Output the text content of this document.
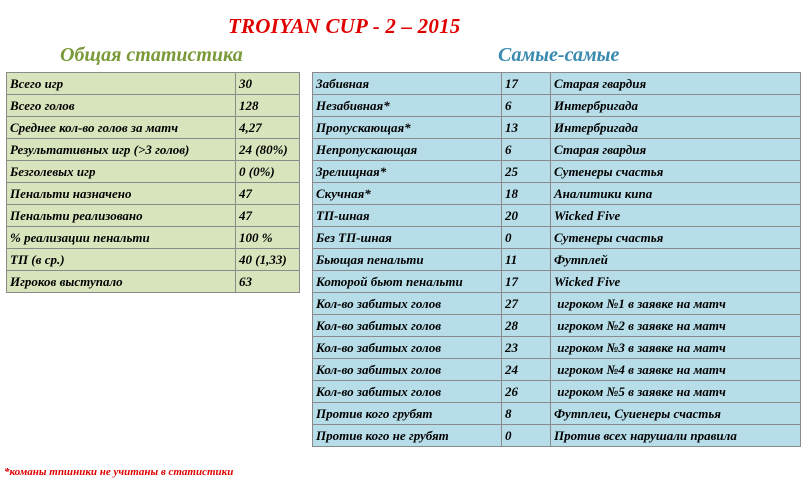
TROIYAN CUP - 2 – 2015
Общая статистика	Самые-самые
Всего игр	30
Всего голов	128
Среднее кол-во голов за матч	4,27
Результативных игр (>3 голов)	24 (80%)
Безголевых игр	0 (0%)
Пенальти назначено	47
Пенальти реализовано	47
% реализации пенальти	100 %
ТП (в ср.)	40 (1,33)
Игроков выступало	63
Забивная	17	Старая гвардия
Незабивная*	6	Интербригада
Пропускающая*	13	Интербригада
Непропускающая	6	Старая гвардия
Зрелищная*	25	Сутенеры счастья
Скучная*	18	Аналитики кипа
ТП-шная	20	Wicked Five
Без ТП-шная	0	Сутенеры счастья
Бьющая пенальти	11	Футплей
Которой бьют пенальти	17	Wicked Five
Кол-во забитых голов	27	игроком №1 в заявке на матч
Кол-во забитых голов	28	игроком №2 в заявке на матч
Кол-во забитых голов	23	игроком №3 в заявке на матч
Кол-во забитых голов	24	игроком №4 в заявке на матч
Кол-во забитых голов	26	игроком №5 в заявке на матч
Против кого грубят	8	Футплеи, Суиенеры счастья
Против кого не грубят	0	Против всех нарушали правила
*команы тпшники не учитаны в статистики
